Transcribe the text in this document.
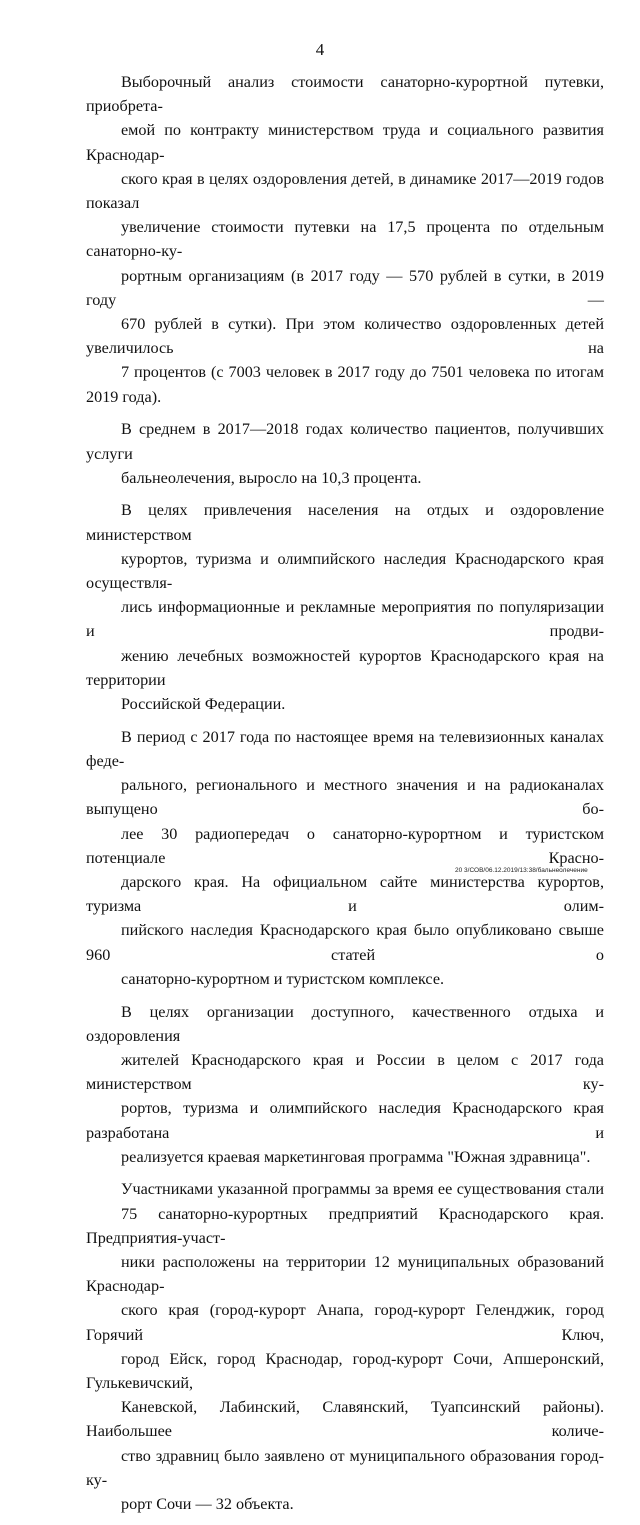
4

Выборочный анализ стоимости санаторно-курортной путевки, приобрета-
емой по контракту министерством труда и социального развития Краснодар-
ского края в целях оздоровления детей, в динамике 2017—2019 годов показал
увеличение стоимости путевки на 17,5 процента по отдельным санаторно-ку-
рортным организациям (в 2017 году — 570 рублей в сутки, в 2019 году —
670 рублей в сутки). При этом количество оздоровленных детей увеличилось на
7 процентов (с 7003 человек в 2017 году до 7501 человека по итогам 2019 года).

В среднем в 2017—2018 годах количество пациентов, получивших услуги
бальнеолечения, выросло на 10,3 процента.

В целях привлечения населения на отдых и оздоровление министерством
курортов, туризма и олимпийского наследия Краснодарского края осуществля-
лись информационные и рекламные мероприятия по популяризации и продви-
жению лечебных возможностей курортов Краснодарского края на территории
Российской Федерации.

В период с 2017 года по настоящее время на телевизионных каналах феде-
рального, регионального и местного значения и на радиоканалах выпущено бо-
лее 30 радиопередач о санаторно-курортном и туристском потенциале Красно-
дарского края. На официальном сайте министерства курортов, туризма и олим-
пийского наследия Краснодарского края было опубликовано свыше 960 статей о
санаторно-курортном и туристском комплексе.

В целях организации доступного, качественного отдыха и оздоровления
жителей Краснодарского края и России в целом с 2017 года министерством ку-
рортов, туризма и олимпийского наследия Краснодарского края разработана и
реализуется краевая маркетинговая программа "Южная здравница".

Участниками указанной программы за время ее существования стали
75 санаторно-курортных предприятий Краснодарского края. Предприятия-участ-
ники расположены на территории 12 муниципальных образований Краснодар-
ского края (город-курорт Анапа, город-курорт Геленджик, город Горячий Ключ,
город Ейск, город Краснодар, город-курорт Сочи, Апшеронский, Гулькевичский,
Каневской, Лабинский, Славянский, Туапсинский районы). Наибольшее количе-
ство здравниц было заявлено от муниципального образования город-ку-
рорт Сочи — 32 объекта.

20 3/СОВ/06.12.2019/13:38/бальнеолечение
